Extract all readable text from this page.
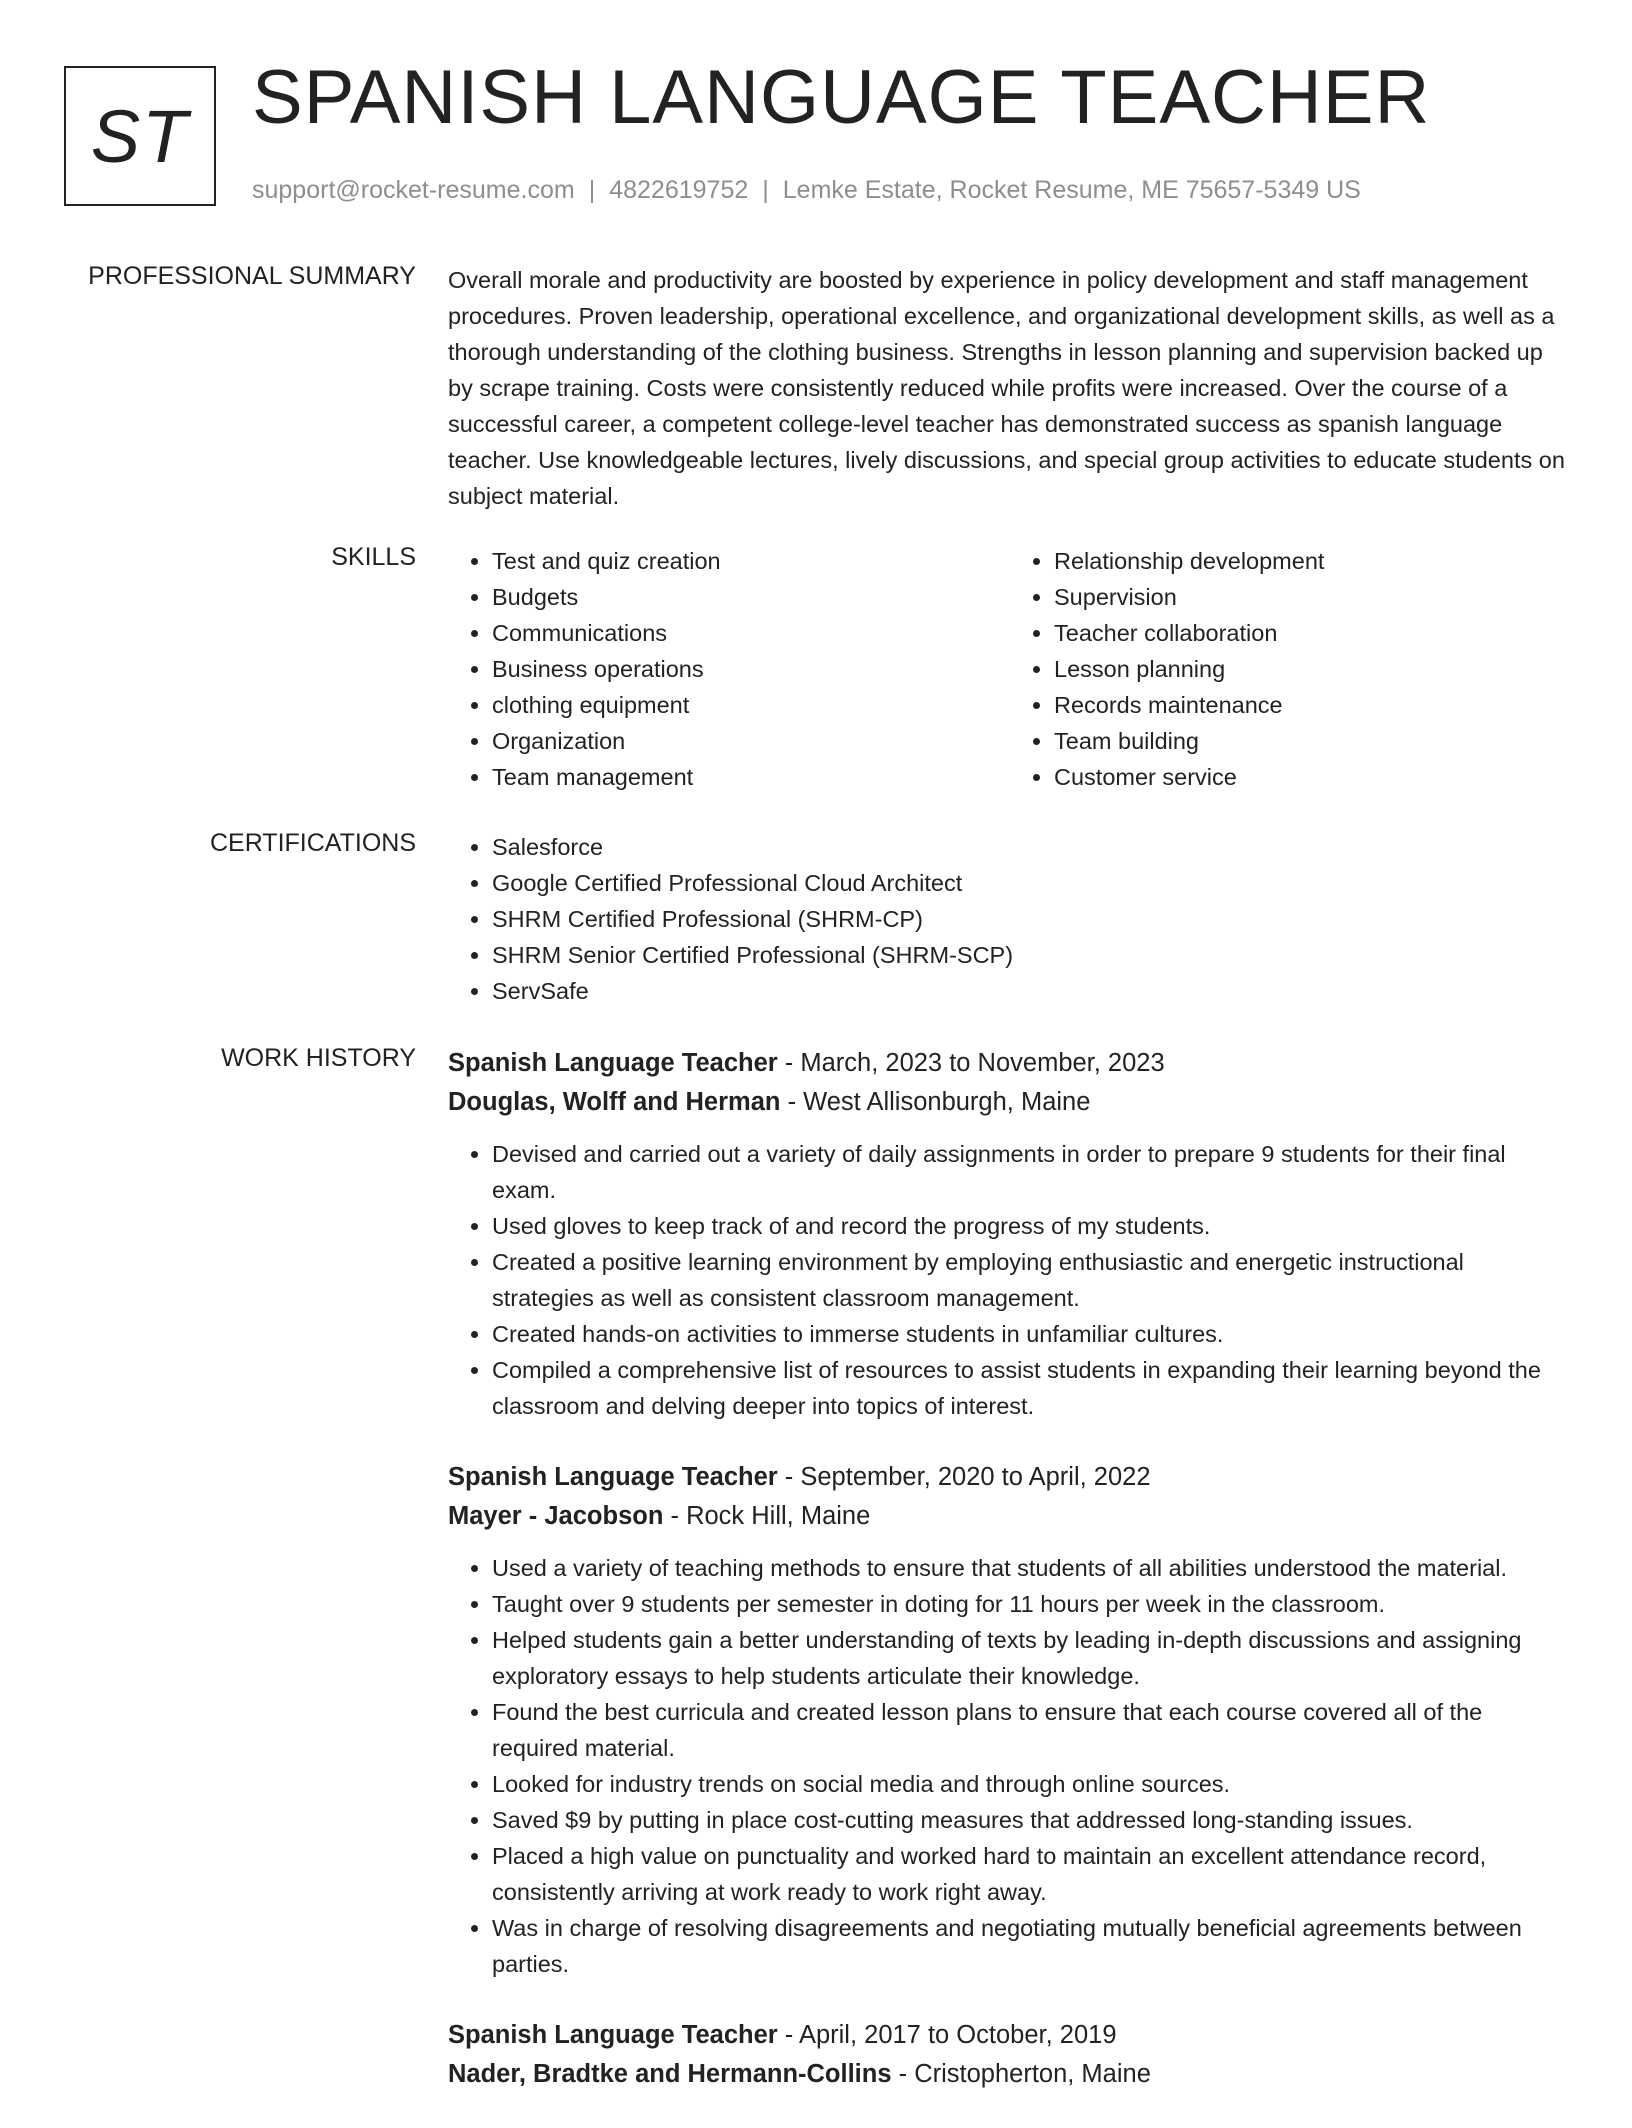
ST SPANISH LANGUAGE TEACHER
support@rocket-resume.com | 4822619752 | Lemke Estate, Rocket Resume, ME 75657-5349 US
PROFESSIONAL SUMMARY Overall morale and productivity are boosted by experience in policy development and staff management procedures. Proven leadership, operational excellence, and organizational development skills, as well as a thorough understanding of the clothing business. Strengths in lesson planning and supervision backed up by scrape training. Costs were consistently reduced while profits were increased. Over the course of a successful career, a competent college-level teacher has demonstrated success as spanish language teacher. Use knowledgeable lectures, lively discussions, and special group activities to educate students on subject material.

SKILLS	• Test and quiz creation
• Budgets
• Communications
• Business operations
• clothing equipment
• Organization
• Team management
• Relationship development
• Supervision
• Teacher collaboration
• Lesson planning
• Records maintenance
• Team building
• Customer service
CERTIFICATIONS	• Salesforce
• Google Certified Professional Cloud Architect
• SHRM Certified Professional (SHRM-CP)
• SHRM Senior Certified Professional (SHRM-SCP)
• ServSafe
WORK HISTORY Spanish Language Teacher - March, 2023 to November, 2023
Douglas, Wolff and Herman - West Allisonburgh, Maine
• Devised and carried out a variety of daily assignments in order to prepare 9 students for their final exam.
• Used gloves to keep track of and record the progress of my students.
• Created a positive learning environment by employing enthusiastic and energetic instructional strategies as well as consistent classroom management.
• Created hands-on activities to immerse students in unfamiliar cultures.
• Compiled a comprehensive list of resources to assist students in expanding their learning beyond the classroom and delving deeper into topics of interest.
Spanish Language Teacher - September, 2020 to April, 2022
Mayer - Jacobson - Rock Hill, Maine
• Used a variety of teaching methods to ensure that students of all abilities understood the material.
• Taught over 9 students per semester in doting for 11 hours per week in the classroom.
• Helped students gain a better understanding of texts by leading in-depth discussions and assigning exploratory essays to help students articulate their knowledge.
• Found the best curricula and created lesson plans to ensure that each course covered all of the required material.
• Looked for industry trends on social media and through online sources.
• Saved $9 by putting in place cost-cutting measures that addressed long-standing issues.
• Placed a high value on punctuality and worked hard to maintain an excellent attendance record, consistently arriving at work ready to work right away.
• Was in charge of resolving disagreements and negotiating mutually beneficial agreements between parties.
Spanish Language Teacher - April, 2017 to October, 2019
Nader, Bradtke and Hermann-Collins - Cristopherton, Maine
